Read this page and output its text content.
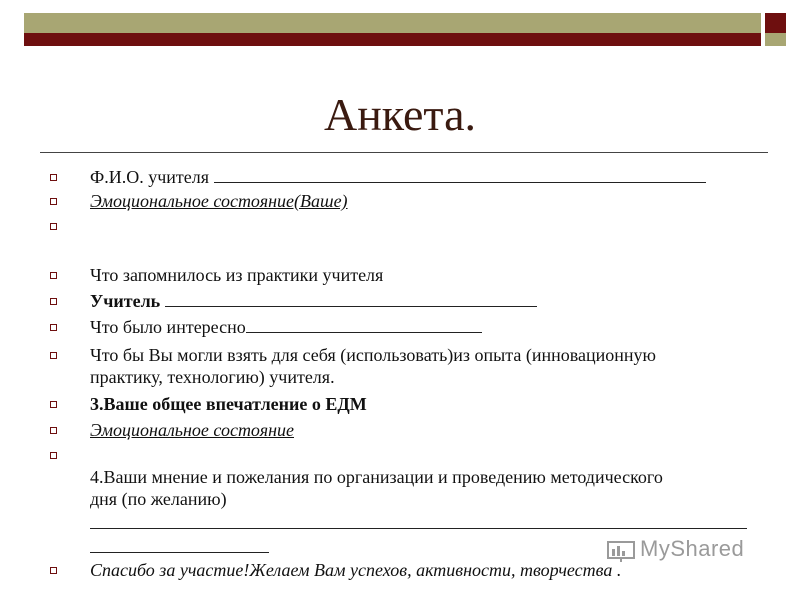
Анкета.
Ф.И.О. учителя
Эмоциональное состояние(Ваше)
Что запомнилось из практики учителя
Учитель
Что было интересно
Что бы Вы могли взять для себя (использовать)из опыта (инновационную практику, технологию) учителя.
3.Ваше общее впечатление о ЕДМ
Эмоциональное состояние
4.Ваши мнение и пожелания по организации и проведению методического дня (по желанию)
Спасибо за участие!Желаем Вам успехов, активности, творчества .
MyShared
